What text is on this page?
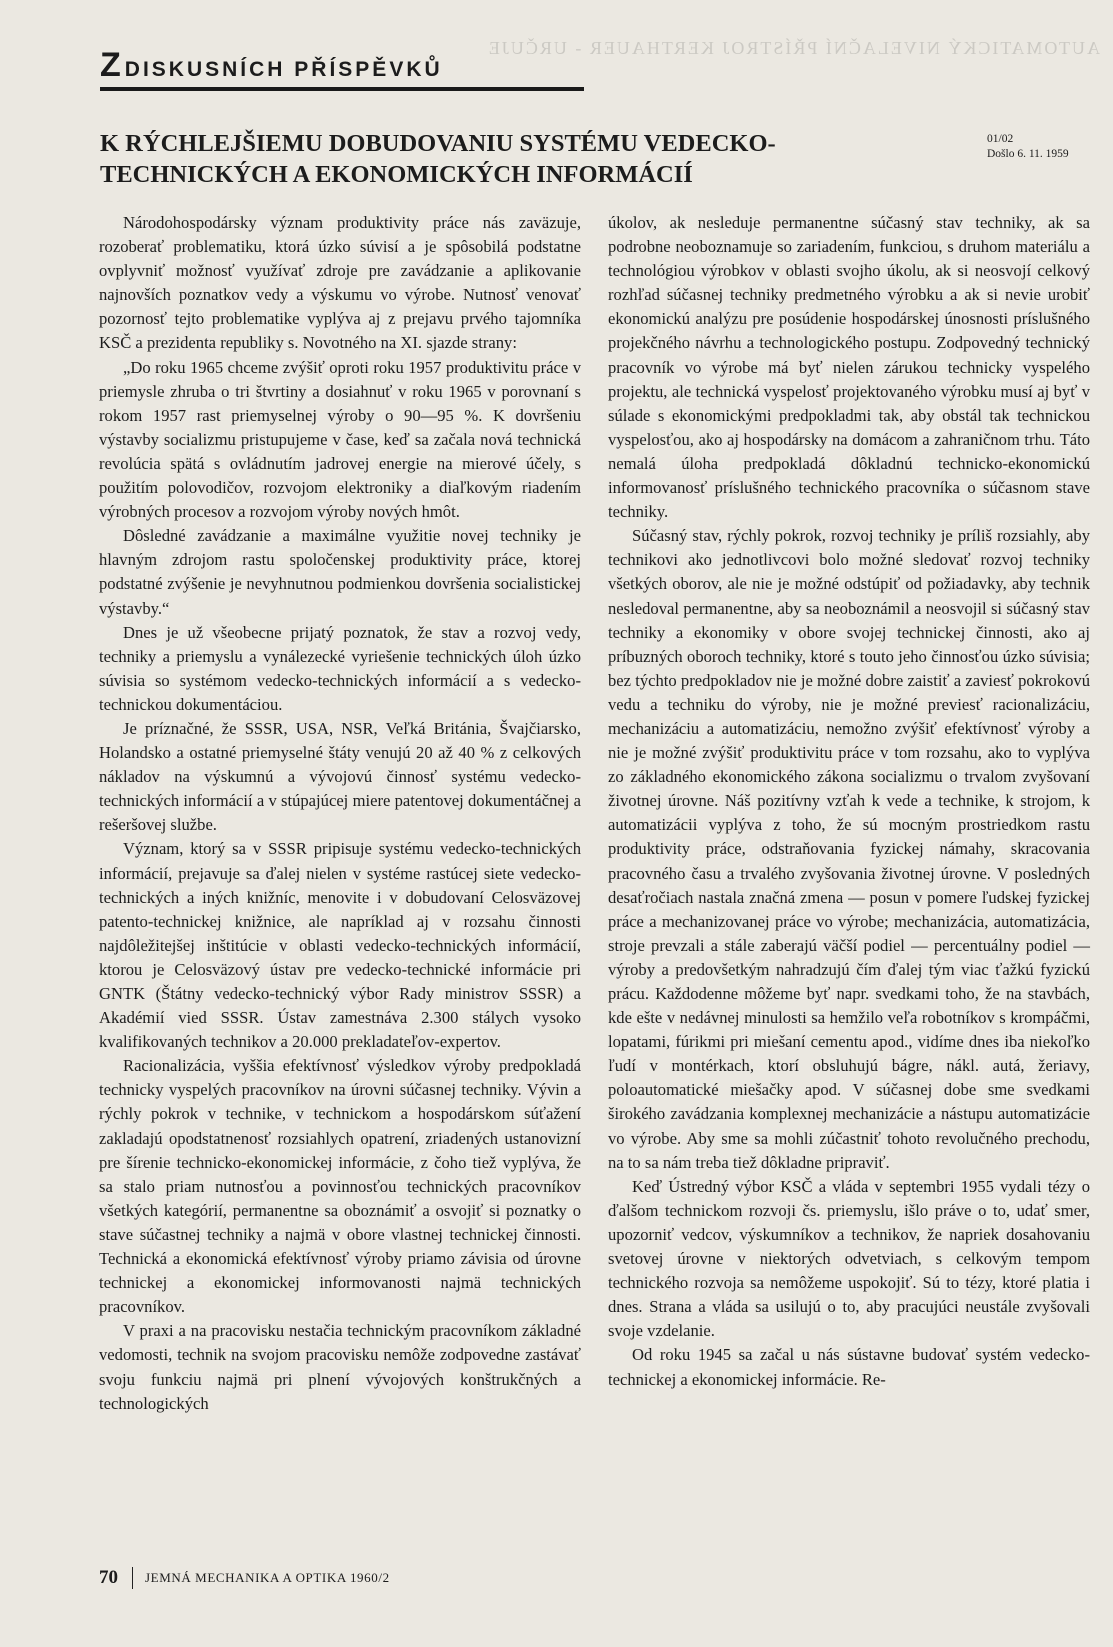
AUTOMATICKÝ NIVELAČNÍ PŘÍSTROJ KERTHAUER - URČUJE
ZDISKUSNÍCH PŘÍSPĚVKŮ
K RÝCHLEJŠIEMU DOBUDOVANIU SYSTÉMU VEDECKO-TECHNICKÝCH A EKONOMICKÝCH INFORMÁCIÍ
01/02
Došlo 6. 11. 1959

Národohospodársky význam produktivity práce nás zaväzuje, rozoberať problematiku, ktorá úzko súvisí a je spôsobilá podstatne ovplyvniť možnosť využívať zdroje pre zavádzanie a aplikovanie najnovších poznatkov vedy a výskumu vo výrobe. Nutnosť venovať pozornosť tejto problematike vyplýva aj z prejavu prvého tajomníka KSČ a prezidenta republiky s. Novotného na XI. sjazde strany:

„Do roku 1965 chceme zvýšiť oproti roku 1957 produktivitu práce v priemysle zhruba o tri štvrtiny a dosiahnuť v roku 1965 v porovnaní s rokom 1957 rast priemyselnej výroby o 90—95 %. K dovršeniu výstavby socializmu pristupujeme v čase, keď sa začala nová technická revolúcia spätá s ovládnutím jadrovej energie na mierové účely, s použitím polovodičov, rozvojom elektroniky a diaľkovým riadením výrobných procesov a rozvojom výroby nových hmôt.

Dôsledné zavádzanie a maximálne využitie novej techniky je hlavným zdrojom rastu spoločenskej produktivity práce, ktorej podstatné zvýšenie je nevyhnutnou podmienkou dovršenia socialistickej výstavby.“

Dnes je už všeobecne prijatý poznatok, že stav a rozvoj vedy, techniky a priemyslu a vynálezecké vyriešenie technických úloh úzko súvisia so systémom vedecko-technických informácií a s vedecko-technickou dokumentáciou.

Je príznačné, že SSSR, USA, NSR, Veľká Británia, Švajčiarsko, Holandsko a ostatné priemyselné štáty venujú 20 až 40 % z celkových nákladov na výskumnú a vývojovú činnosť systému vedecko-technických informácií a v stúpajúcej miere patentovej dokumentáčnej a rešeršovej službe.

Význam, ktorý sa v SSSR pripisuje systému vedecko-technických informácií, prejavuje sa ďalej nielen v systéme rastúcej siete vedecko-technických a iných knižníc, menovite i v dobudovaní Celosväzovej patento-technickej knižnice, ale napríklad aj v rozsahu činnosti najdôležitejšej inštitúcie v oblasti vedecko-technických informácií, ktorou je Celosväzový ústav pre vedecko-technické informácie pri GNTK (Štátny vedecko-technický výbor Rady ministrov SSSR) a Akadémií vied SSSR. Ústav zamestnáva 2.300 stálych vysoko kvalifikovaných technikov a 20.000 prekladateľov-expertov.

Racionalizácia, vyššia efektívnosť výsledkov výroby predpokladá technicky vyspelých pracovníkov na úrovni súčasnej techniky. Vývin a rýchly pokrok v technike, v technickom a hospodárskom súťažení zakladajú opodstatnenosť rozsiahlych opatrení, zriadených ustanovizní pre šírenie technicko-ekonomickej informácie, z čoho tiež vyplýva, že sa stalo priam nutnosťou a povinnosťou technických pracovníkov všetkých kategórií, permanentne sa oboznámiť a osvojiť si poznatky o stave súčastnej techniky a najmä v obore vlastnej technickej činnosti. Technická a ekonomická efektívnosť výroby priamo závisia od úrovne technickej a ekonomickej informovanosti najmä technických pracovníkov.

V praxi a na pracovisku nestačia technickým pracovníkom základné vedomosti, technik na svojom pracovisku nemôže zodpovedne zastávať svoju funkciu najmä pri plnení vývojových konštrukčných a technologických

úkolov, ak nesleduje permanentne súčasný stav techniky, ak sa podrobne neoboznamuje so zariadením, funkciou, s druhom materiálu a technológiou výrobkov v oblasti svojho úkolu, ak si neosvojí celkový rozhľad súčasnej techniky predmetného výrobku a ak si nevie urobiť ekonomickú analýzu pre posúdenie hospodárskej únosnosti príslušného projekčného návrhu a technologického postupu. Zodpovedný technický pracovník vo výrobe má byť nielen zárukou technicky vyspelého projektu, ale technická vyspelosť projektovaného výrobku musí aj byť v súlade s ekonomickými predpokladmi tak, aby obstál tak technickou vyspelosťou, ako aj hospodársky na domácom a zahraničnom trhu. Táto nemalá úloha predpokladá dôkladnú technicko-ekonomickú informovanosť príslušného technického pracovníka o súčasnom stave techniky.

Súčasný stav, rýchly pokrok, rozvoj techniky je príliš rozsiahly, aby technikovi ako jednotlivcovi bolo možné sledovať rozvoj techniky všetkých oborov, ale nie je možné odstúpiť od požiadavky, aby technik nesledoval permanentne, aby sa neoboznámil a neosvojil si súčasný stav techniky a ekonomiky v obore svojej technickej činnosti, ako aj príbuzných oboroch techniky, ktoré s touto jeho činnosťou úzko súvisia; bez týchto predpokladov nie je možné dobre zaistiť a zaviesť pokrokovú vedu a techniku do výroby, nie je možné previesť racionalizáciu, mechanizáciu a automatizáciu, nemožno zvýšiť efektívnosť výroby a nie je možné zvýšiť produktivitu práce v tom rozsahu, ako to vyplýva zo základného ekonomického zákona socializmu o trvalom zvyšovaní životnej úrovne. Náš pozitívny vzťah k vede a technike, k strojom, k automatizácii vyplýva z toho, že sú mocným prostriedkom rastu produktivity práce, odstraňovania fyzickej námahy, skracovania pracovného času a trvalého zvyšovania životnej úrovne. V posledných desaťročiach nastala značná zmena — posun v pomere ľudskej fyzickej práce a mechanizovanej práce vo výrobe; mechanizácia, automatizácia, stroje prevzali a stále zaberajú väčší podiel — percentuálny podiel — výroby a predovšetkým nahradzujú čím ďalej tým viac ťažkú fyzickú prácu. Každodenne môžeme byť napr. svedkami toho, že na stavbách, kde ešte v nedávnej minulosti sa hemžilo veľa robotníkov s krompáčmi, lopatami, fúrikmi pri miešaní cementu apod., vidíme dnes iba niekoľko ľudí v montérkach, ktorí obsluhujú bágre, nákl. autá, žeriavy, poloautomatické miešačky apod. V súčasnej dobe sme svedkami širokého zavádzania komplexnej mechanizácie a nástupu automatizácie vo výrobe. Aby sme sa mohli zúčastniť tohoto revolučného prechodu, na to sa nám treba tiež dôkladne pripraviť.

Keď Ústredný výbor KSČ a vláda v septembri 1955 vydali tézy o ďalšom technickom rozvoji čs. priemyslu, išlo práve o to, udať smer, upozorniť vedcov, výskumníkov a technikov, že napriek dosahovaniu svetovej úrovne v niektorých odvetviach, s celkovým tempom technického rozvoja sa nemôžeme uspokojiť. Sú to tézy, ktoré platia i dnes. Strana a vláda sa usilujú o to, aby pracujúci neustále zvyšovali svoje vzdelanie.

Od roku 1945 sa začal u nás sústavne budovať systém vedecko-technickej a ekonomickej informácie. Re-

70 JEMNÁ MECHANIKA A OPTIKA 1960/2
